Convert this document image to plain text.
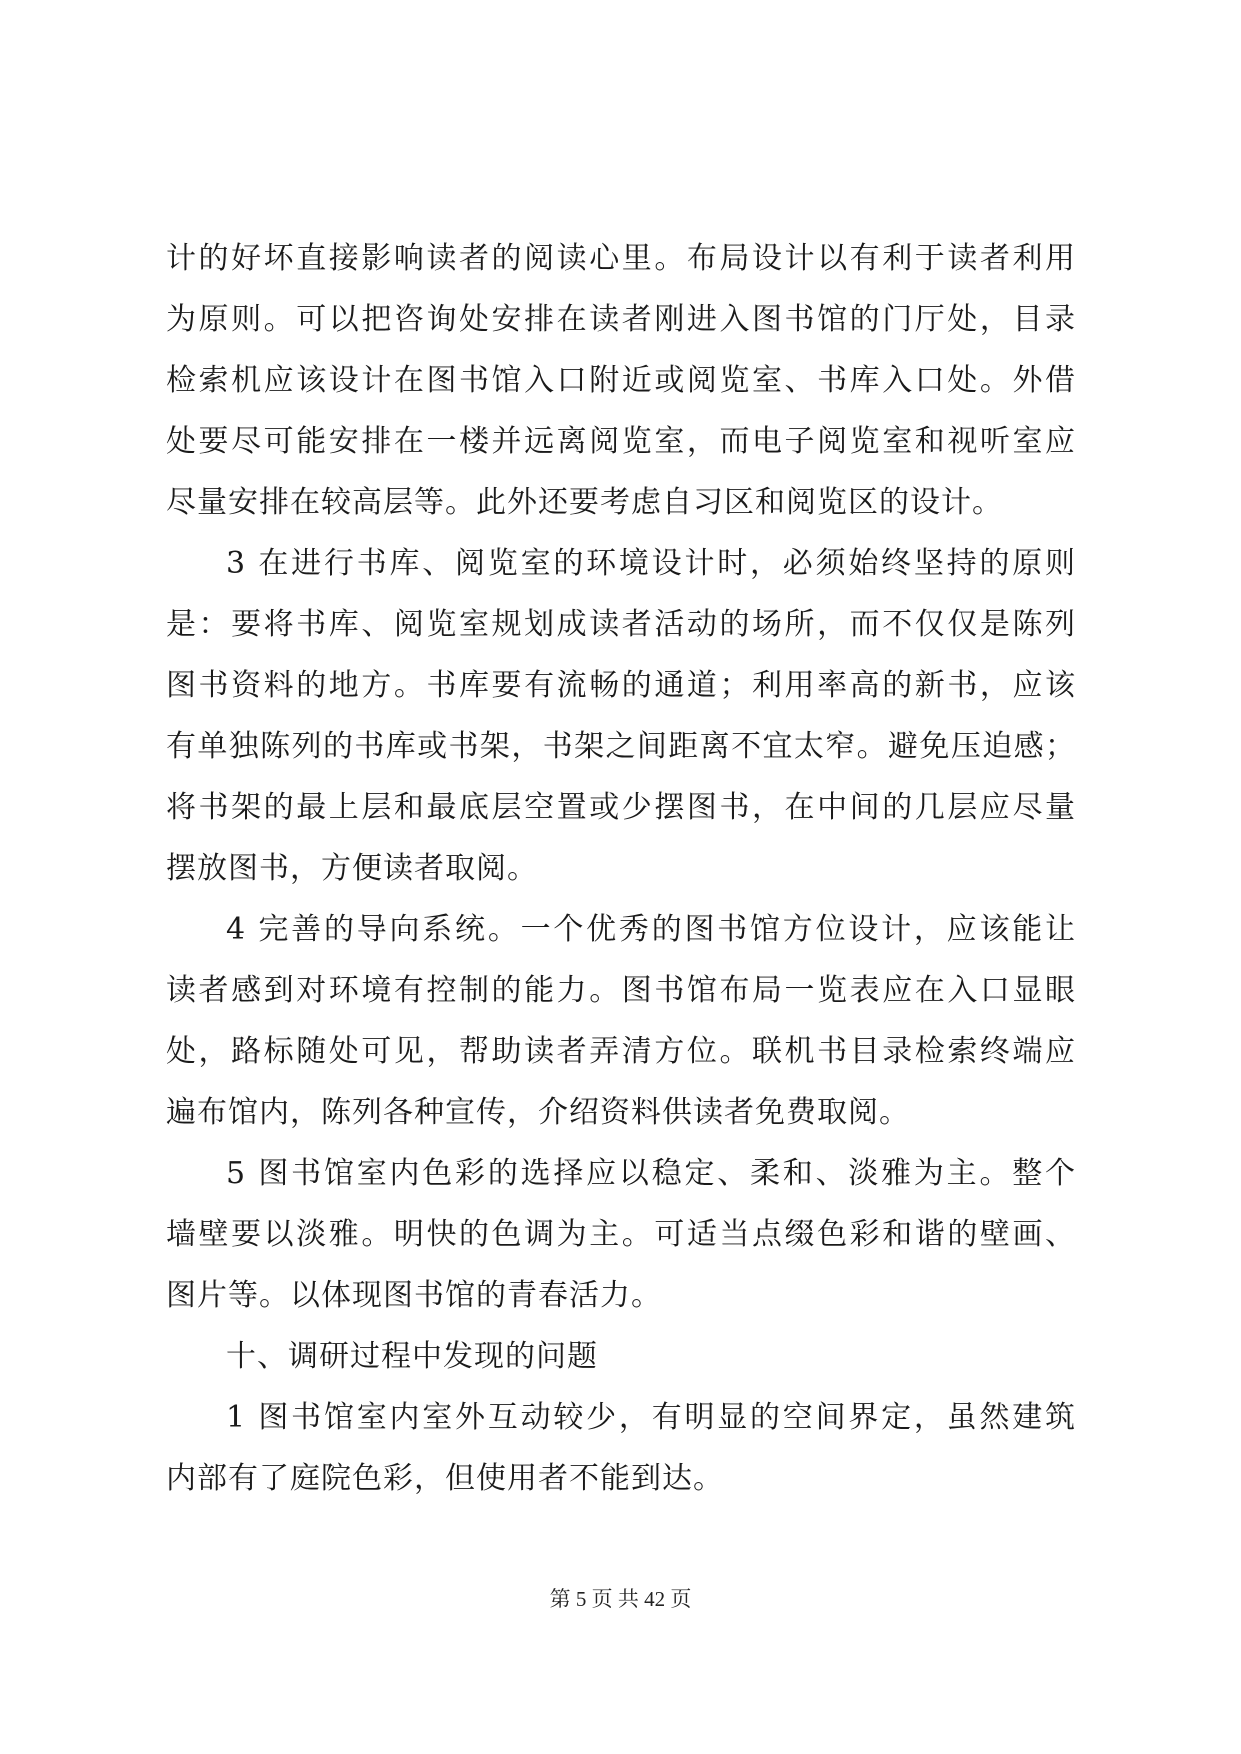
计的好坏直接影响读者的阅读心里。布局设计以有利于读者利用
为原则。可以把咨询处安排在读者刚进入图书馆的门厅处，目录
检索机应该设计在图书馆入口附近或阅览室、书库入口处。外借
处要尽可能安排在一楼并远离阅览室，而电子阅览室和视听室应
尽量安排在较高层等。此外还要考虑自习区和阅览区的设计。
3 在进行书库、阅览室的环境设计时，必须始终坚持的原则
是：要将书库、阅览室规划成读者活动的场所，而不仅仅是陈列
图书资料的地方。书库要有流畅的通道；利用率高的新书，应该
有单独陈列的书库或书架，书架之间距离不宜太窄。避免压迫感；
将书架的最上层和最底层空置或少摆图书，在中间的几层应尽量
摆放图书，方便读者取阅。
4 完善的导向系统。一个优秀的图书馆方位设计，应该能让
读者感到对环境有控制的能力。图书馆布局一览表应在入口显眼
处，路标随处可见，帮助读者弄清方位。联机书目录检索终端应
遍布馆内，陈列各种宣传，介绍资料供读者免费取阅。
5 图书馆室内色彩的选择应以稳定、柔和、淡雅为主。整个
墙壁要以淡雅。明快的色调为主。可适当点缀色彩和谐的壁画、
图片等。以体现图书馆的青春活力。
十、调研过程中发现的问题
1 图书馆室内室外互动较少，有明显的空间界定，虽然建筑
内部有了庭院色彩，但使用者不能到达。
第 5 页 共 42 页
